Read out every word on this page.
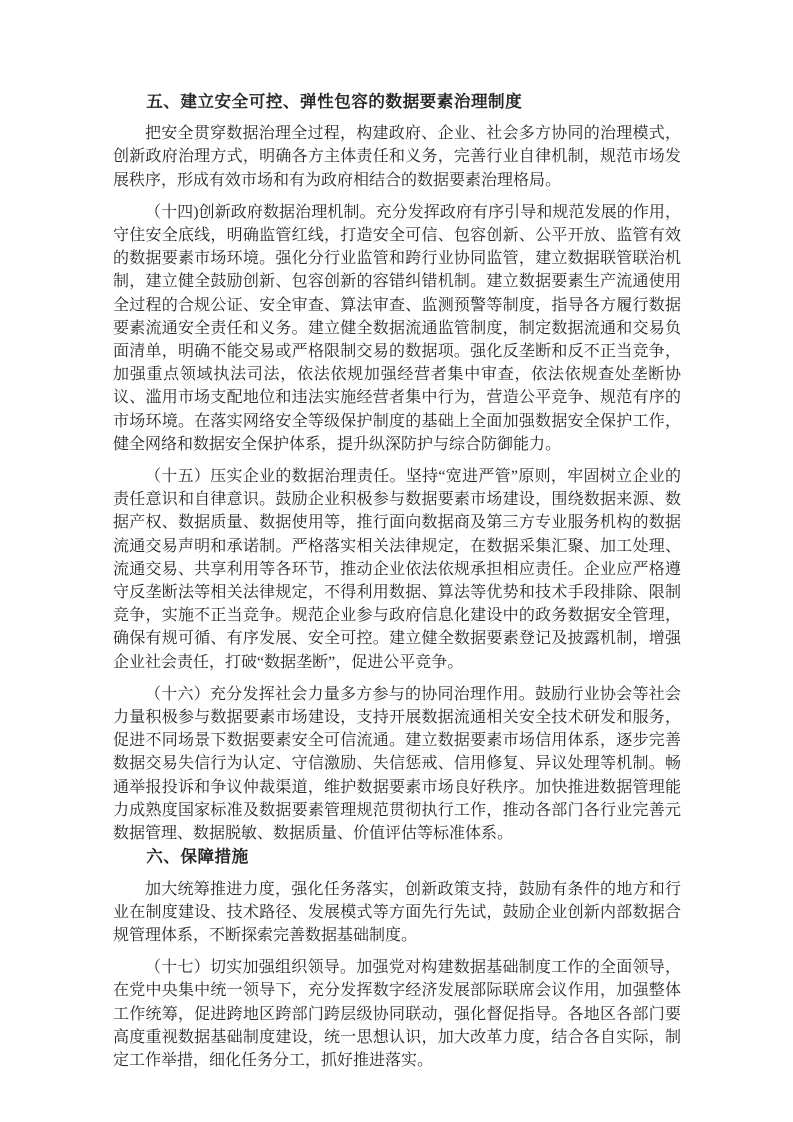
五、建立安全可控、弹性包容的数据要素治理制度

把安全贯穿数据治理全过程，构建政府、企业、社会多方协同的治理模式，创新政府治理方式，明确各方主体责任和义务，完善行业自律机制，规范市场发展秩序，形成有效市场和有为政府相结合的数据要素治理格局。

（十四)创新政府数据治理机制。充分发挥政府有序引导和规范发展的作用，守住安全底线，明确监管红线，打造安全可信、包容创新、公平开放、监管有效的数据要素市场环境。强化分行业监管和跨行业协同监管，建立数据联管联治机制，建立健全鼓励创新、包容创新的容错纠错机制。建立数据要素生产流通使用全过程的合规公证、安全审查、算法审查、监测预警等制度，指导各方履行数据要素流通安全责任和义务。建立健全数据流通监管制度，制定数据流通和交易负面清单，明确不能交易或严格限制交易的数据项。强化反垄断和反不正当竞争，加强重点领域执法司法，依法依规加强经营者集中审查，依法依规查处垄断协议、滥用市场支配地位和违法实施经营者集中行为，营造公平竞争、规范有序的市场环境。在落实网络安全等级保护制度的基础上全面加强数据安全保护工作，健全网络和数据安全保护体系，提升纵深防护与综合防御能力。

（十五）压实企业的数据治理责任。坚持“宽进严管”原则，牢固树立企业的责任意识和自律意识。鼓励企业积极参与数据要素市场建设，围绕数据来源、数据产权、数据质量、数据使用等，推行面向数据商及第三方专业服务机构的数据流通交易声明和承诺制。严格落实相关法律规定，在数据采集汇聚、加工处理、流通交易、共享利用等各环节，推动企业依法依规承担相应责任。企业应严格遵守反垄断法等相关法律规定，不得利用数据、算法等优势和技术手段排除、限制竞争，实施不正当竞争。规范企业参与政府信息化建设中的政务数据安全管理，确保有规可循、有序发展、安全可控。建立健全数据要素登记及披露机制，增强企业社会责任，打破“数据垄断”，促进公平竞争。

（十六）充分发挥社会力量多方参与的协同治理作用。鼓励行业协会等社会力量积极参与数据要素市场建设，支持开展数据流通相关安全技术研发和服务，促进不同场景下数据要素安全可信流通。建立数据要素市场信用体系，逐步完善数据交易失信行为认定、守信激励、失信惩戒、信用修复、异议处理等机制。畅通举报投诉和争议仲裁渠道，维护数据要素市场良好秩序。加快推进数据管理能力成熟度国家标准及数据要素管理规范贯彻执行工作，推动各部门各行业完善元数据管理、数据脱敏、数据质量、价值评估等标准体系。

六、保障措施

加大统筹推进力度，强化任务落实，创新政策支持，鼓励有条件的地方和行业在制度建设、技术路径、发展模式等方面先行先试，鼓励企业创新内部数据合规管理体系，不断探索完善数据基础制度。

（十七）切实加强组织领导。加强党对构建数据基础制度工作的全面领导，在党中央集中统一领导下，充分发挥数字经济发展部际联席会议作用，加强整体工作统筹，促进跨地区跨部门跨层级协同联动，强化督促指导。各地区各部门要高度重视数据基础制度建设，统一思想认识，加大改革力度，结合各自实际，制定工作举措，细化任务分工，抓好推进落实。
